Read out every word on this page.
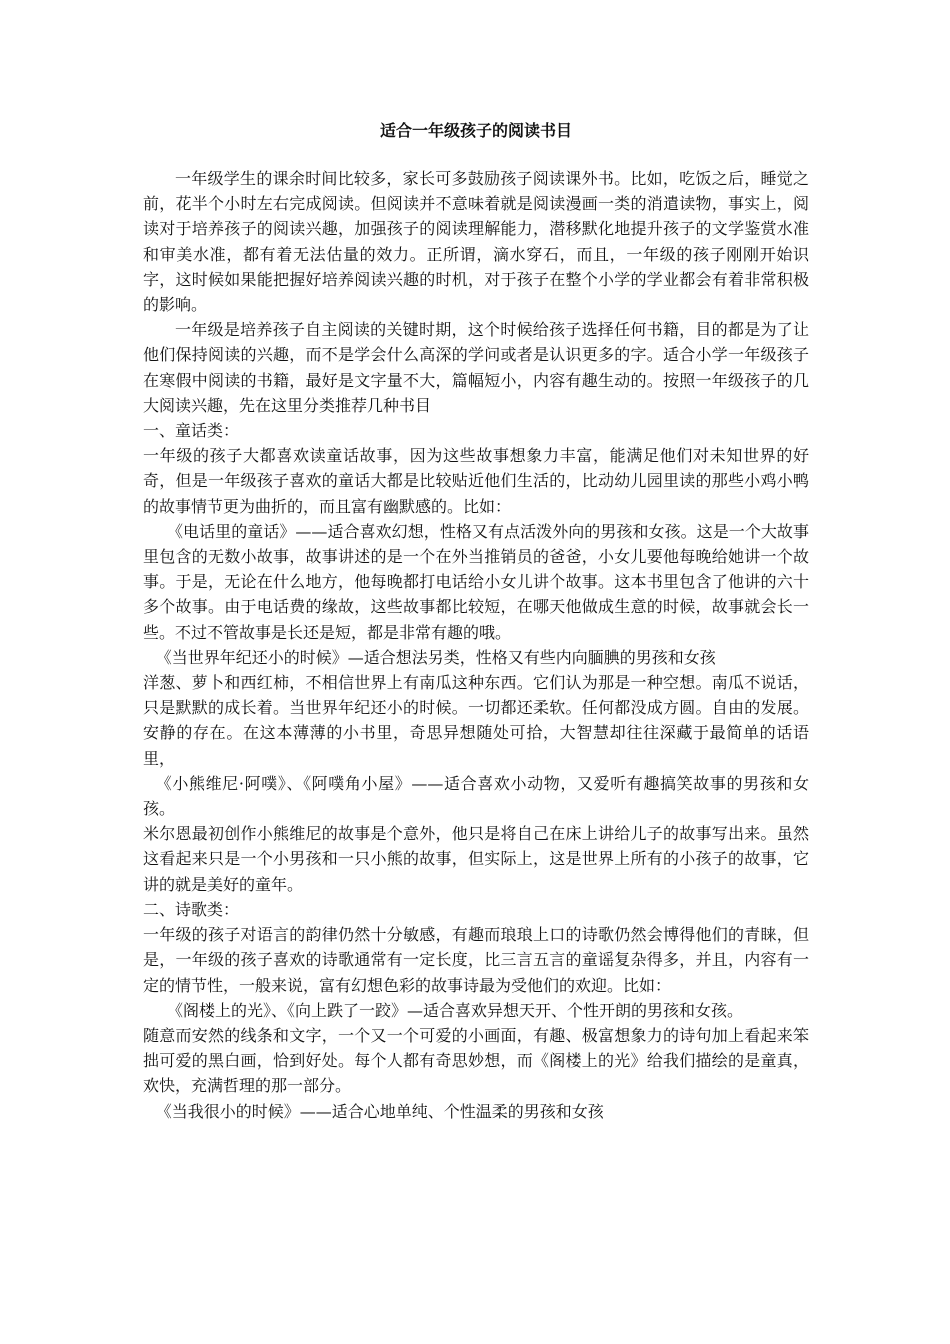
适合一年级孩子的阅读书目

一年级学生的课余时间比较多，家长可多鼓励孩子阅读课外书。比如，吃饭之后，睡觉之前，花半个小时左右完成阅读。但阅读并不意味着就是阅读漫画一类的消遣读物，事实上，阅读对于培养孩子的阅读兴趣，加强孩子的阅读理解能力，潜移默化地提升孩子的文学鉴赏水准和审美水准，都有着无法估量的效力。正所谓，滴水穿石，而且，一年级的孩子刚刚开始识字，这时候如果能把握好培养阅读兴趣的时机，对于孩子在整个小学的学业都会有着非常积极的影响。

一年级是培养孩子自主阅读的关键时期，这个时候给孩子选择任何书籍，目的都是为了让他们保持阅读的兴趣，而不是学会什么高深的学问或者是认识更多的字。适合小学一年级孩子在寒假中阅读的书籍，最好是文字量不大，篇幅短小，内容有趣生动的。按照一年级孩子的几大阅读兴趣，先在这里分类推荐几种书目

一、童话类：

一年级的孩子大都喜欢读童话故事，因为这些故事想象力丰富，能满足他们对未知世界的好奇，但是一年级孩子喜欢的童话大都是比较贴近他们生活的，比动幼儿园里读的那些小鸡小鸭的故事情节更为曲折的，而且富有幽默感的。比如：

《电话里的童话》——适合喜欢幻想，性格又有点活泼外向的男孩和女孩。这是一个大故事里包含的无数小故事，故事讲述的是一个在外当推销员的爸爸，小女儿要他每晚给她讲一个故事。于是，无论在什么地方，他每晚都打电话给小女儿讲个故事。这本书里包含了他讲的六十多个故事。由于电话费的缘故，这些故事都比较短，在哪天他做成生意的时候，故事就会长一些。不过不管故事是长还是短，都是非常有趣的哦。

《当世界年纪还小的时候》—适合想法另类，性格又有些内向腼腆的男孩和女孩

洋葱、萝卜和西红柿，不相信世界上有南瓜这种东西。它们认为那是一种空想。南瓜不说话，只是默默的成长着。当世界年纪还小的时候。一切都还柔软。任何都没成方圆。自由的发展。安静的存在。在这本薄薄的小书里，奇思异想随处可拾，大智慧却往往深藏于最简单的话语里，

《小熊维尼·阿噗》、《阿噗角小屋》——适合喜欢小动物，又爱听有趣搞笑故事的男孩和女孩。

米尔恩最初创作小熊维尼的故事是个意外，他只是将自己在床上讲给儿子的故事写出来。虽然这看起来只是一个小男孩和一只小熊的故事，但实际上，这是世界上所有的小孩子的故事，它讲的就是美好的童年。

二、诗歌类：

一年级的孩子对语言的韵律仍然十分敏感，有趣而琅琅上口的诗歌仍然会博得他们的青睐，但是，一年级的孩子喜欢的诗歌通常有一定长度，比三言五言的童谣复杂得多，并且，内容有一定的情节性，一般来说，富有幻想色彩的故事诗最为受他们的欢迎。比如：

《阁楼上的光》、《向上跌了一跤》—适合喜欢异想天开、个性开朗的男孩和女孩。

随意而安然的线条和文字，一个又一个可爱的小画面，有趣、极富想象力的诗句加上看起来笨拙可爱的黑白画，恰到好处。每个人都有奇思妙想，而《阁楼上的光》给我们描绘的是童真，欢快，充满哲理的那一部分。

《当我很小的时候》——适合心地单纯、个性温柔的男孩和女孩
